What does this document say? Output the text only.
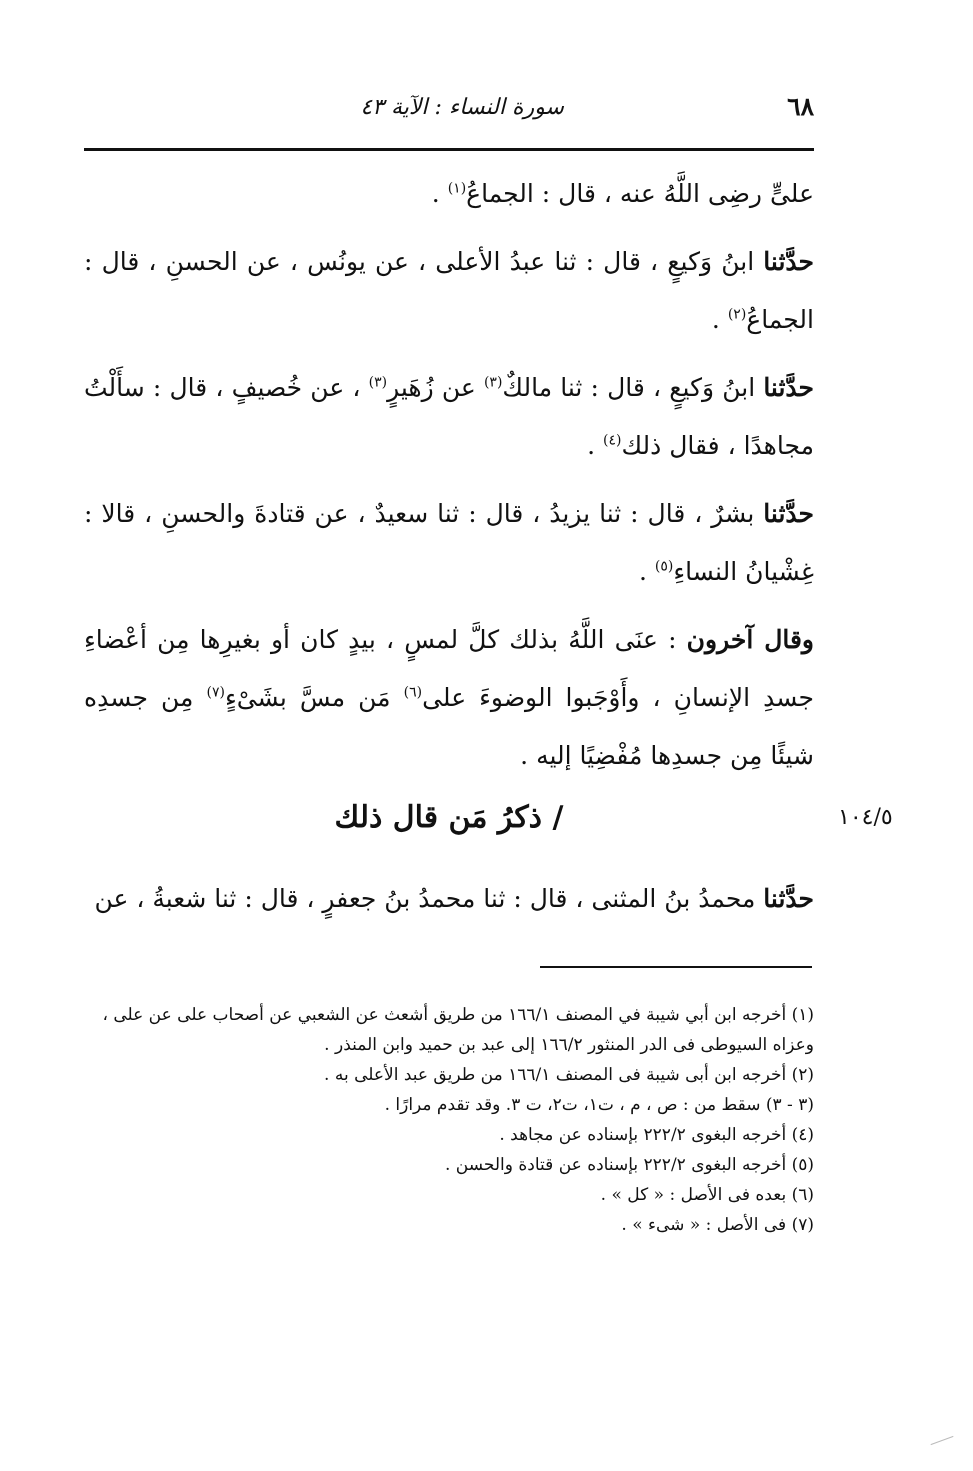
٦٨
سورة النساء : الآية ٤٣

علىٍّ رضِى اللَّهُ عنه ، قال : الجماعُ$^{(١)}$ .

حدَّثنا ابنُ وَكيعٍ ، قال : ثنا عبدُ الأعلى ، عن يونُس ، عن الحسنِ ، قال : الجماعُ$^{(٢)}$ .

حدَّثنا ابنُ وَكيعٍ ، قال : ثنا مالكٌ$^{(٣)}$ عن زُهَيرٍ$^{(٣)}$ ، عن خُصيفٍ ، قال : سأَلْتُ مجاهدًا ، فقال ذلك$^{(٤)}$ .

حدَّثنا بشرٌ ، قال : ثنا يزيدُ ، قال : ثنا سعيدٌ ، عن قتادةَ والحسنِ ، قالا : غِشْيانُ النساءِ$^{(٥)}$ .

وقال آخرون : عنَى اللَّهُ بذلك كلَّ لمسٍ ، بيدٍ كان أو بغيرِها مِن أعْضاءِ جسدِ الإنسانِ ، وأَوْجَبوا الوضوءَ على$^{(٦)}$ مَن مسَّ بشَىْءٍ$^{(٧)}$ مِن جسدِه شيئًا مِن جسدِها مُفْضِيًا إليه .

/ ذكرُ مَن قال ذلك	١٠٤/٥
حدَّثنا محمدُ بنُ المثنى ، قال : ثنا محمدُ بنُ جعفرٍ ، قال : ثنا شعبةُ ، عن

(١) أخرجه ابن أبي شيبة في المصنف ١٦٦/١ من طريق أشعث عن الشعبي عن أصحاب على عن على ، وعزاه السيوطى فى الدر المنثور ١٦٦/٢ إلى عبد بن حميد وابن المنذر .

(٢) أخرجه ابن أبى شيبة فى المصنف ١٦٦/١ من طريق عبد الأعلى به .

(٣ - ٣) سقط من : ص ، م ، ت١، ت٢، ت ٣. وقد تقدم مرارًا .

(٤) أخرجه البغوى ٢٢٢/٢ بإسناده عن مجاهد .

(٥) أخرجه البغوى ٢٢٢/٢ بإسناده عن قتادة والحسن .

(٦) بعده فى الأصل : « كل » .

(٧) فى الأصل : « شىء » .
